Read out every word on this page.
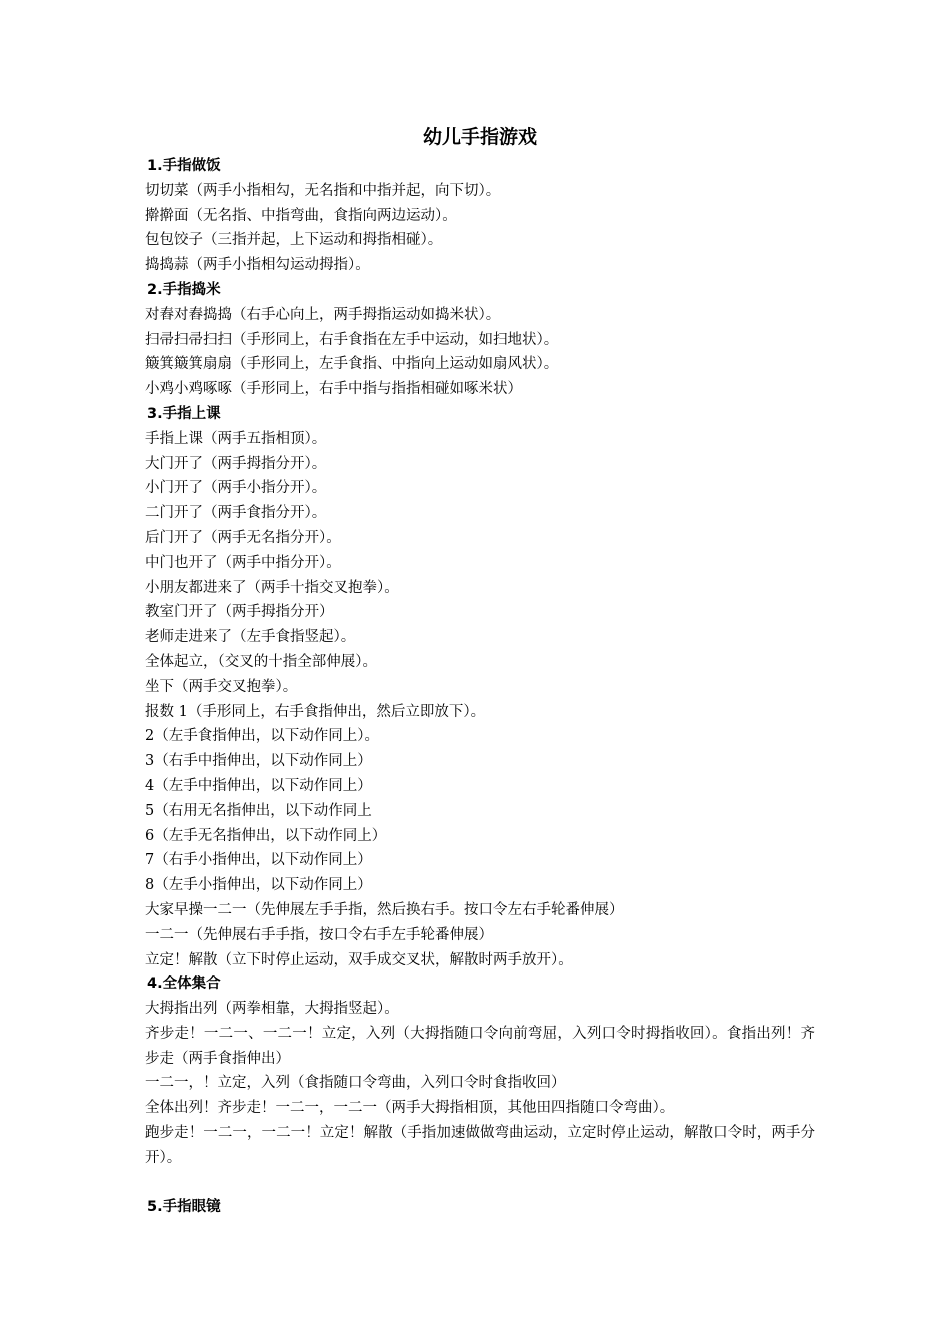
幼儿手指游戏
1.手指做饭
切切菜（两手小指相勾，无名指和中指并起，向下切）。
擀擀面（无名指、中指弯曲，食指向两边运动）。
包包饺子（三指并起，上下运动和拇指相碰）。
捣捣蒜（两手小指相勾运动拇指）。
2.手指捣米
对舂对舂捣捣（右手心向上，两手拇指运动如捣米状）。
扫帚扫帚扫扫（手形同上，右手食指在左手中运动，如扫地状）。
簸箕簸箕扇扇（手形同上，左手食指、中指向上运动如扇风状）。
小鸡小鸡啄啄（手形同上，右手中指与指指相碰如啄米状）
3.手指上课
手指上课（两手五指相顶）。
大门开了（两手拇指分开）。
小门开了（两手小指分开）。
二门开了（两手食指分开）。
后门开了（两手无名指分开）。
中门也开了（两手中指分开）。
小朋友都进来了（两手十指交叉抱拳）。
教室门开了（两手拇指分开）
老师走进来了（左手食指竖起）。
全体起立，（交叉的十指全部伸展）。
坐下（两手交叉抱拳）。
报数 1（手形同上，右手食指伸出，然后立即放下）。
2（左手食指伸出，以下动作同上）。
3（右手中指伸出，以下动作同上）
4（左手中指伸出，以下动作同上）
5（右用无名指伸出，以下动作同上
6（左手无名指伸出，以下动作同上）
7（右手小指伸出，以下动作同上）
8（左手小指伸出，以下动作同上）
大家早操一二一（先伸展左手手指，然后换右手。按口令左右手轮番伸展）
一二一（先伸展右手手指，按口令右手左手轮番伸展）
立定！解散（立下时停止运动，双手成交叉状，解散时两手放开）。
4.全体集合
大拇指出列（两拳相靠，大拇指竖起）。
齐步走！一二一、一二一！立定，入列（大拇指随口令向前弯屈，入列口令时拇指收回）。食指出列！齐步走（两手食指伸出）
一二一，！立定，入列（食指随口令弯曲，入列口令时食指收回）
全体出列！齐步走！一二一，一二一（两手大拇指相顶，其他田四指随口令弯曲）。
跑步走！一二一，一二一！立定！解散（手指加速做做弯曲运动，立定时停止运动，解散口令时，两手分开）。
5.手指眼镜
